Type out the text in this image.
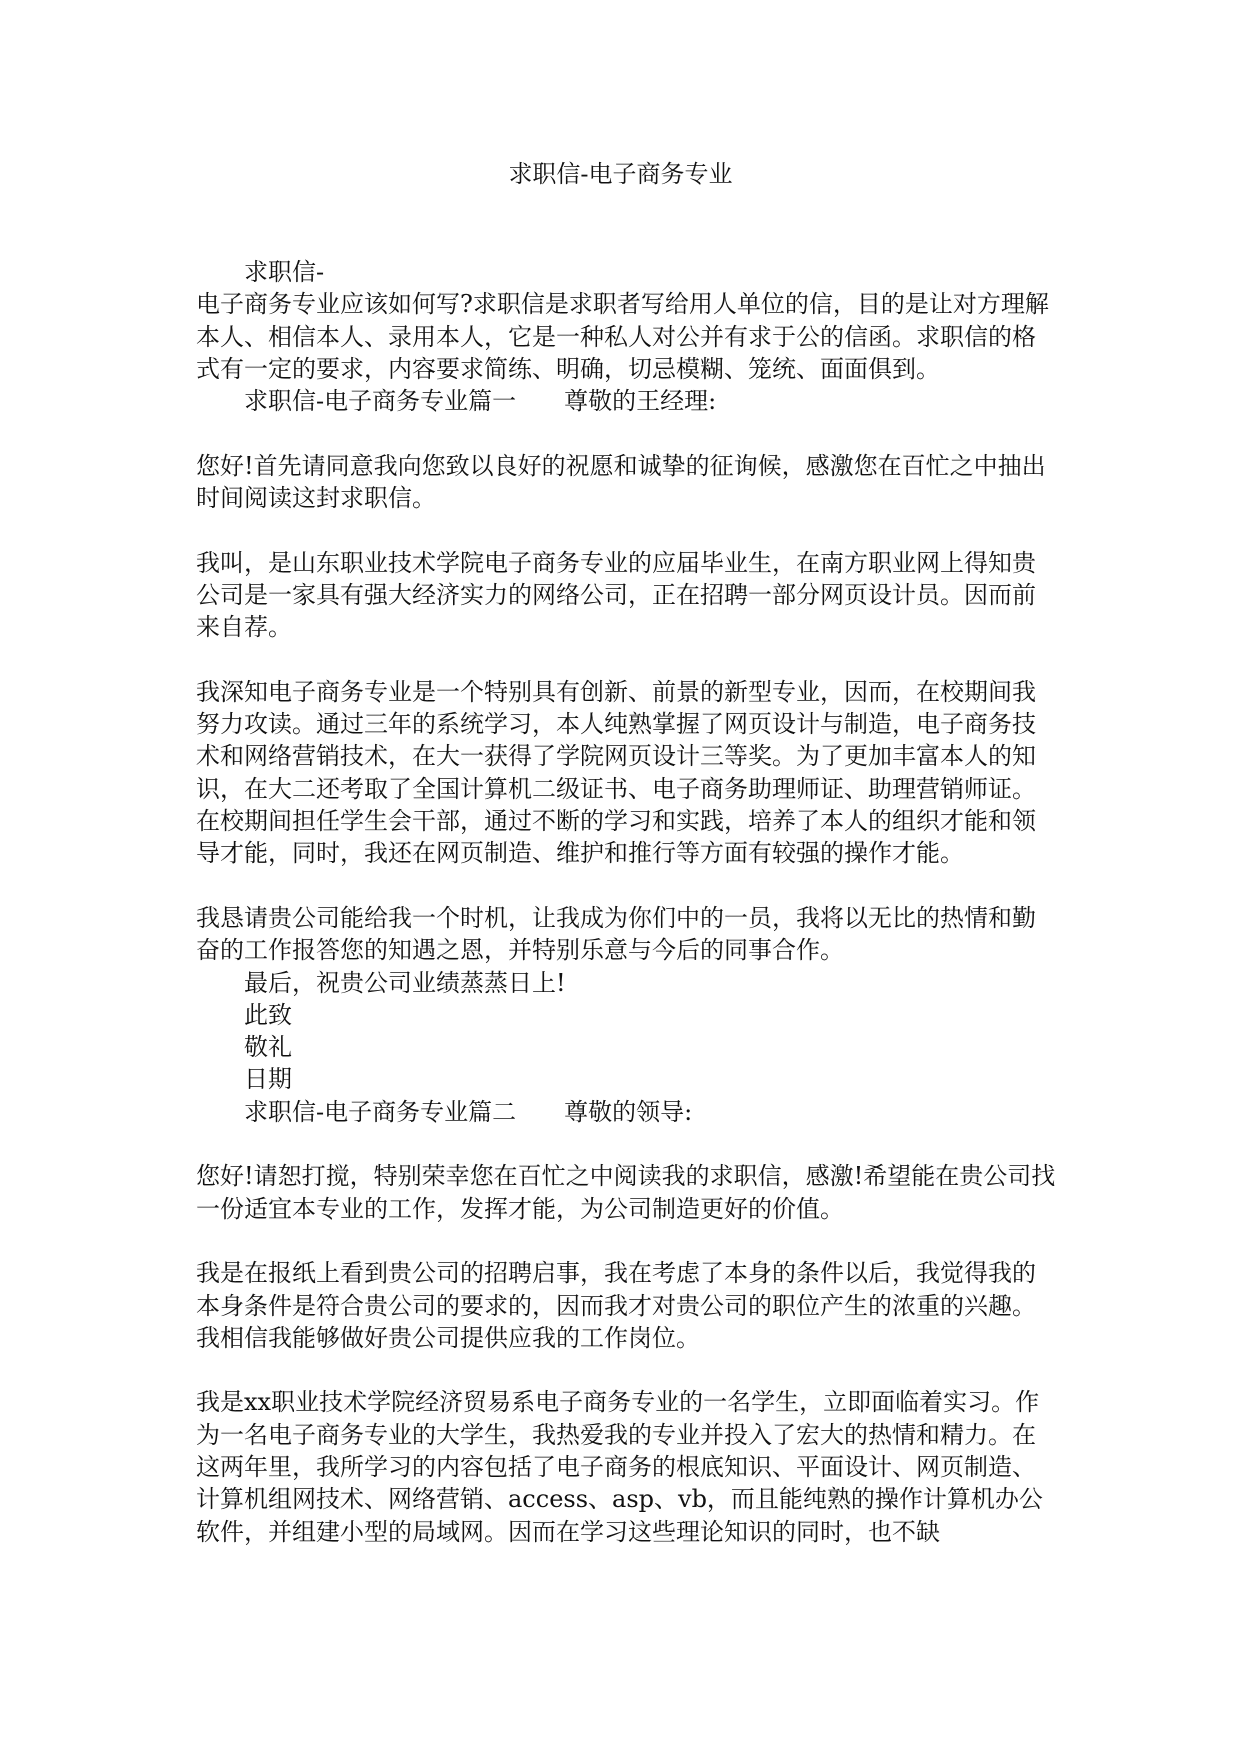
求职信-电子商务专业

求职信-

电子商务专业应该如何写?求职信是求职者写给用人单位的信，目的是让对方理解本人、相信本人、录用本人，它是一种私人对公并有求于公的信函。求职信的格式有一定的要求，内容要求简练、明确，切忌模糊、笼统、面面俱到。

求职信-电子商务专业篇一 尊敬的王经理:

您好!首先请同意我向您致以良好的祝愿和诚挚的征询候，感激您在百忙之中抽出时间阅读这封求职信。

我叫，是山东职业技术学院电子商务专业的应届毕业生，在南方职业网上得知贵公司是一家具有强大经济实力的网络公司，正在招聘一部分网页设计员。因而前来自荐。

我深知电子商务专业是一个特别具有创新、前景的新型专业，因而，在校期间我努力攻读。通过三年的系统学习，本人纯熟掌握了网页设计与制造，电子商务技术和网络营销技术，在大一获得了学院网页设计三等奖。为了更加丰富本人的知识，在大二还考取了全国计算机二级证书、电子商务助理师证、助理营销师证。在校期间担任学生会干部，通过不断的学习和实践，培养了本人的组织才能和领导才能，同时，我还在网页制造、维护和推行等方面有较强的操作才能。

我恳请贵公司能给我一个时机，让我成为你们中的一员，我将以无比的热情和勤奋的工作报答您的知遇之恩，并特别乐意与今后的同事合作。

最后，祝贵公司业绩蒸蒸日上!

此致

敬礼

日期

求职信-电子商务专业篇二 尊敬的领导:

您好!请恕打搅，特别荣幸您在百忙之中阅读我的求职信，感激!希望能在贵公司找一份适宜本专业的工作，发挥才能，为公司制造更好的价值。

我是在报纸上看到贵公司的招聘启事，我在考虑了本身的条件以后，我觉得我的本身条件是符合贵公司的要求的，因而我才对贵公司的职位产生的浓重的兴趣。我相信我能够做好贵公司提供应我的工作岗位。

我是xx职业技术学院经济贸易系电子商务专业的一名学生，立即面临着实习。作为一名电子商务专业的大学生，我热爱我的专业并投入了宏大的热情和精力。在这两年里，我所学习的内容包括了电子商务的根底知识、平面设计、网页制造、计算机组网技术、网络营销、access、asp、vb，而且能纯熟的操作计算机办公软件，并组建小型的局域网。因而在学习这些理论知识的同时，也不缺
